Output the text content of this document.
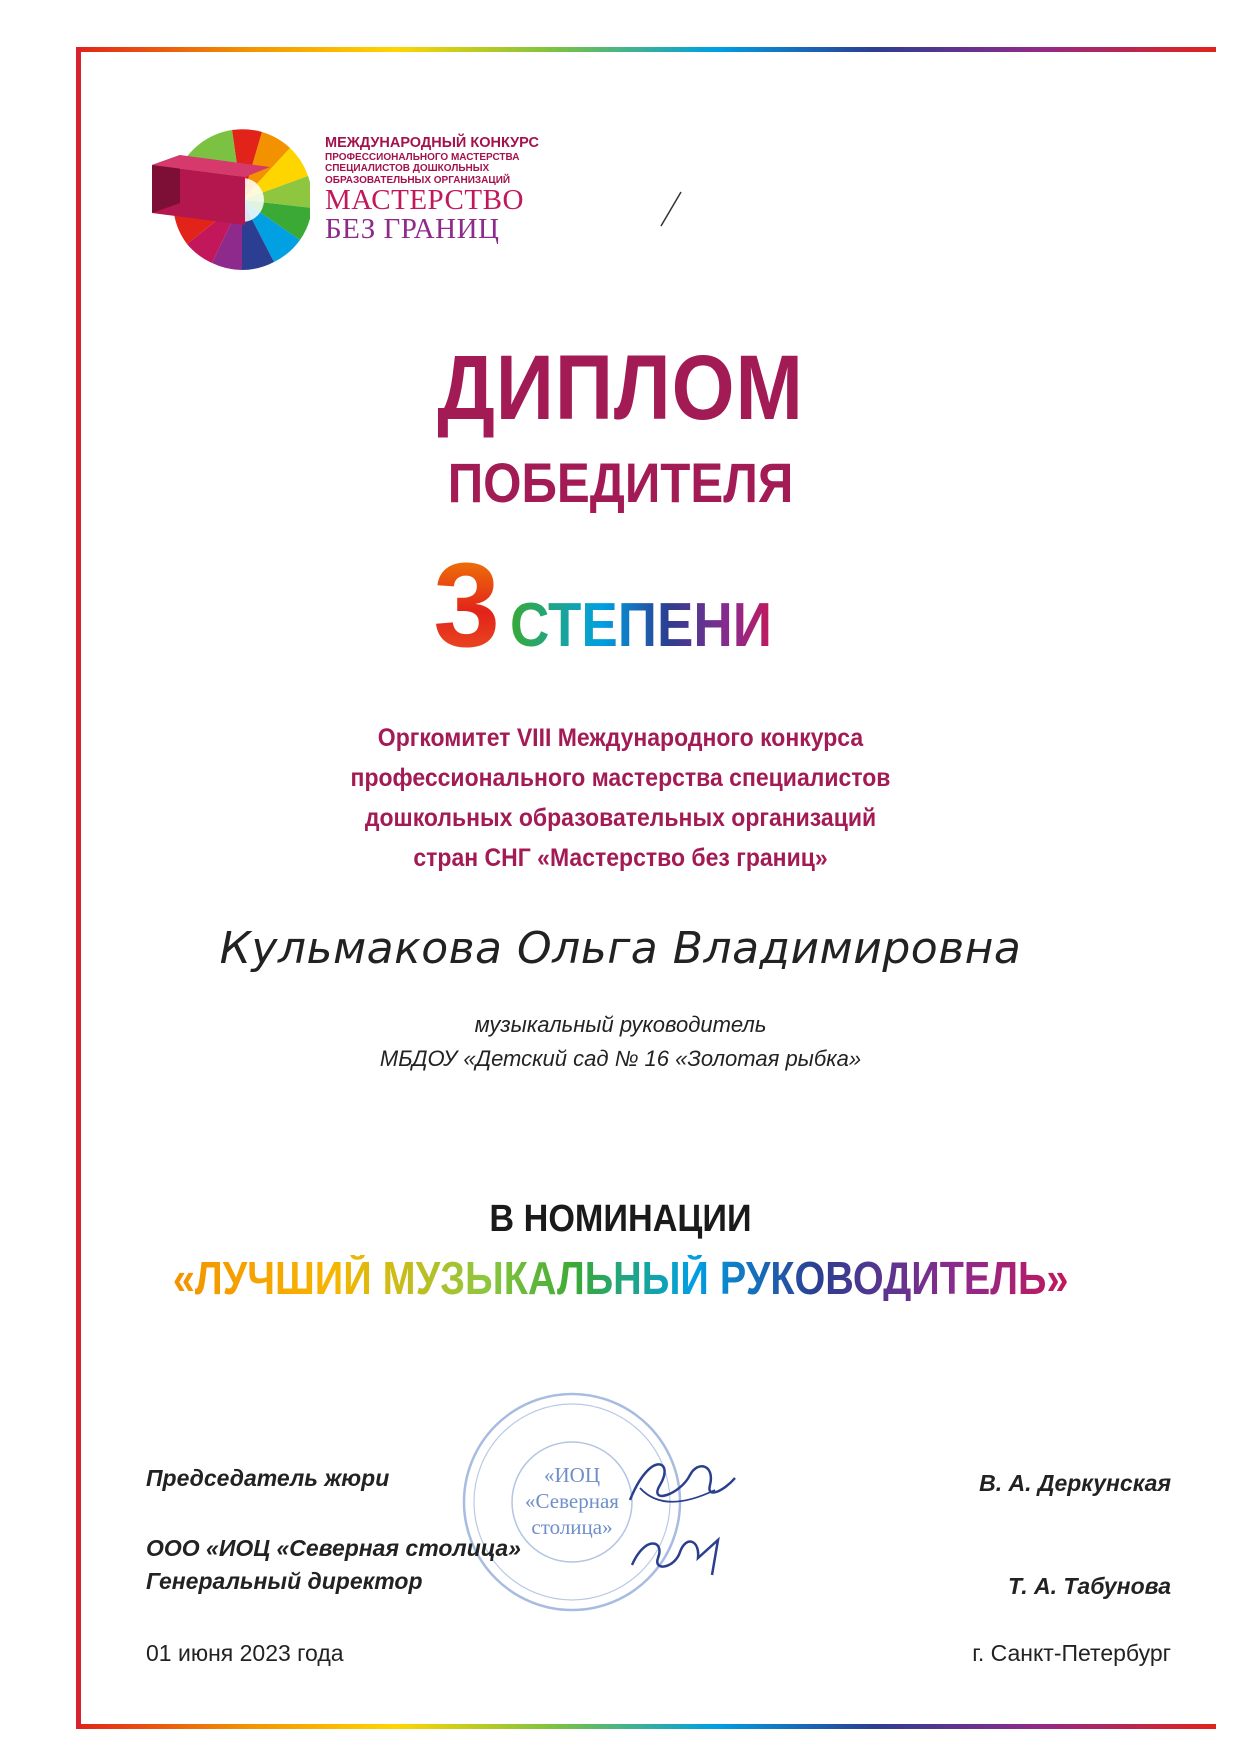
МЕЖДУНАРОДНЫЙ КОНКУРС
ПРОФЕССИОНАЛЬНОГО МАСТЕРСТВА
СПЕЦИАЛИСТОВ ДОШКОЛЬНЫХ
ОБРАЗОВАТЕЛЬНЫХ ОРГАНИЗАЦИЙ
МАСТЕРСТВО
БЕЗ ГРАНИЦ
ДИПЛОМ
ПОБЕДИТЕЛЯ
3 СТЕПЕНИ
Оргкомитет VIII Международного конкурса
профессионального мастерства специалистов
дошкольных образовательных организаций
стран СНГ «Мастерство без границ»
Кульмакова Ольга Владимировна
музыкальный руководитель
МБДОУ «Детский сад № 16 «Золотая рыбка»
В НОМИНАЦИИ
«ЛУЧШИЙ МУЗЫКАЛЬНЫЙ РУКОВОДИТЕЛЬ»
«ИОЦ
«Северная
столица»
Председатель жюри	В. А. Деркунская
ООО «ИОЦ «Северная столица»
Генеральный директор	Т. А. Табунова
01 июня 2023 года	г. Санкт-Петербург
